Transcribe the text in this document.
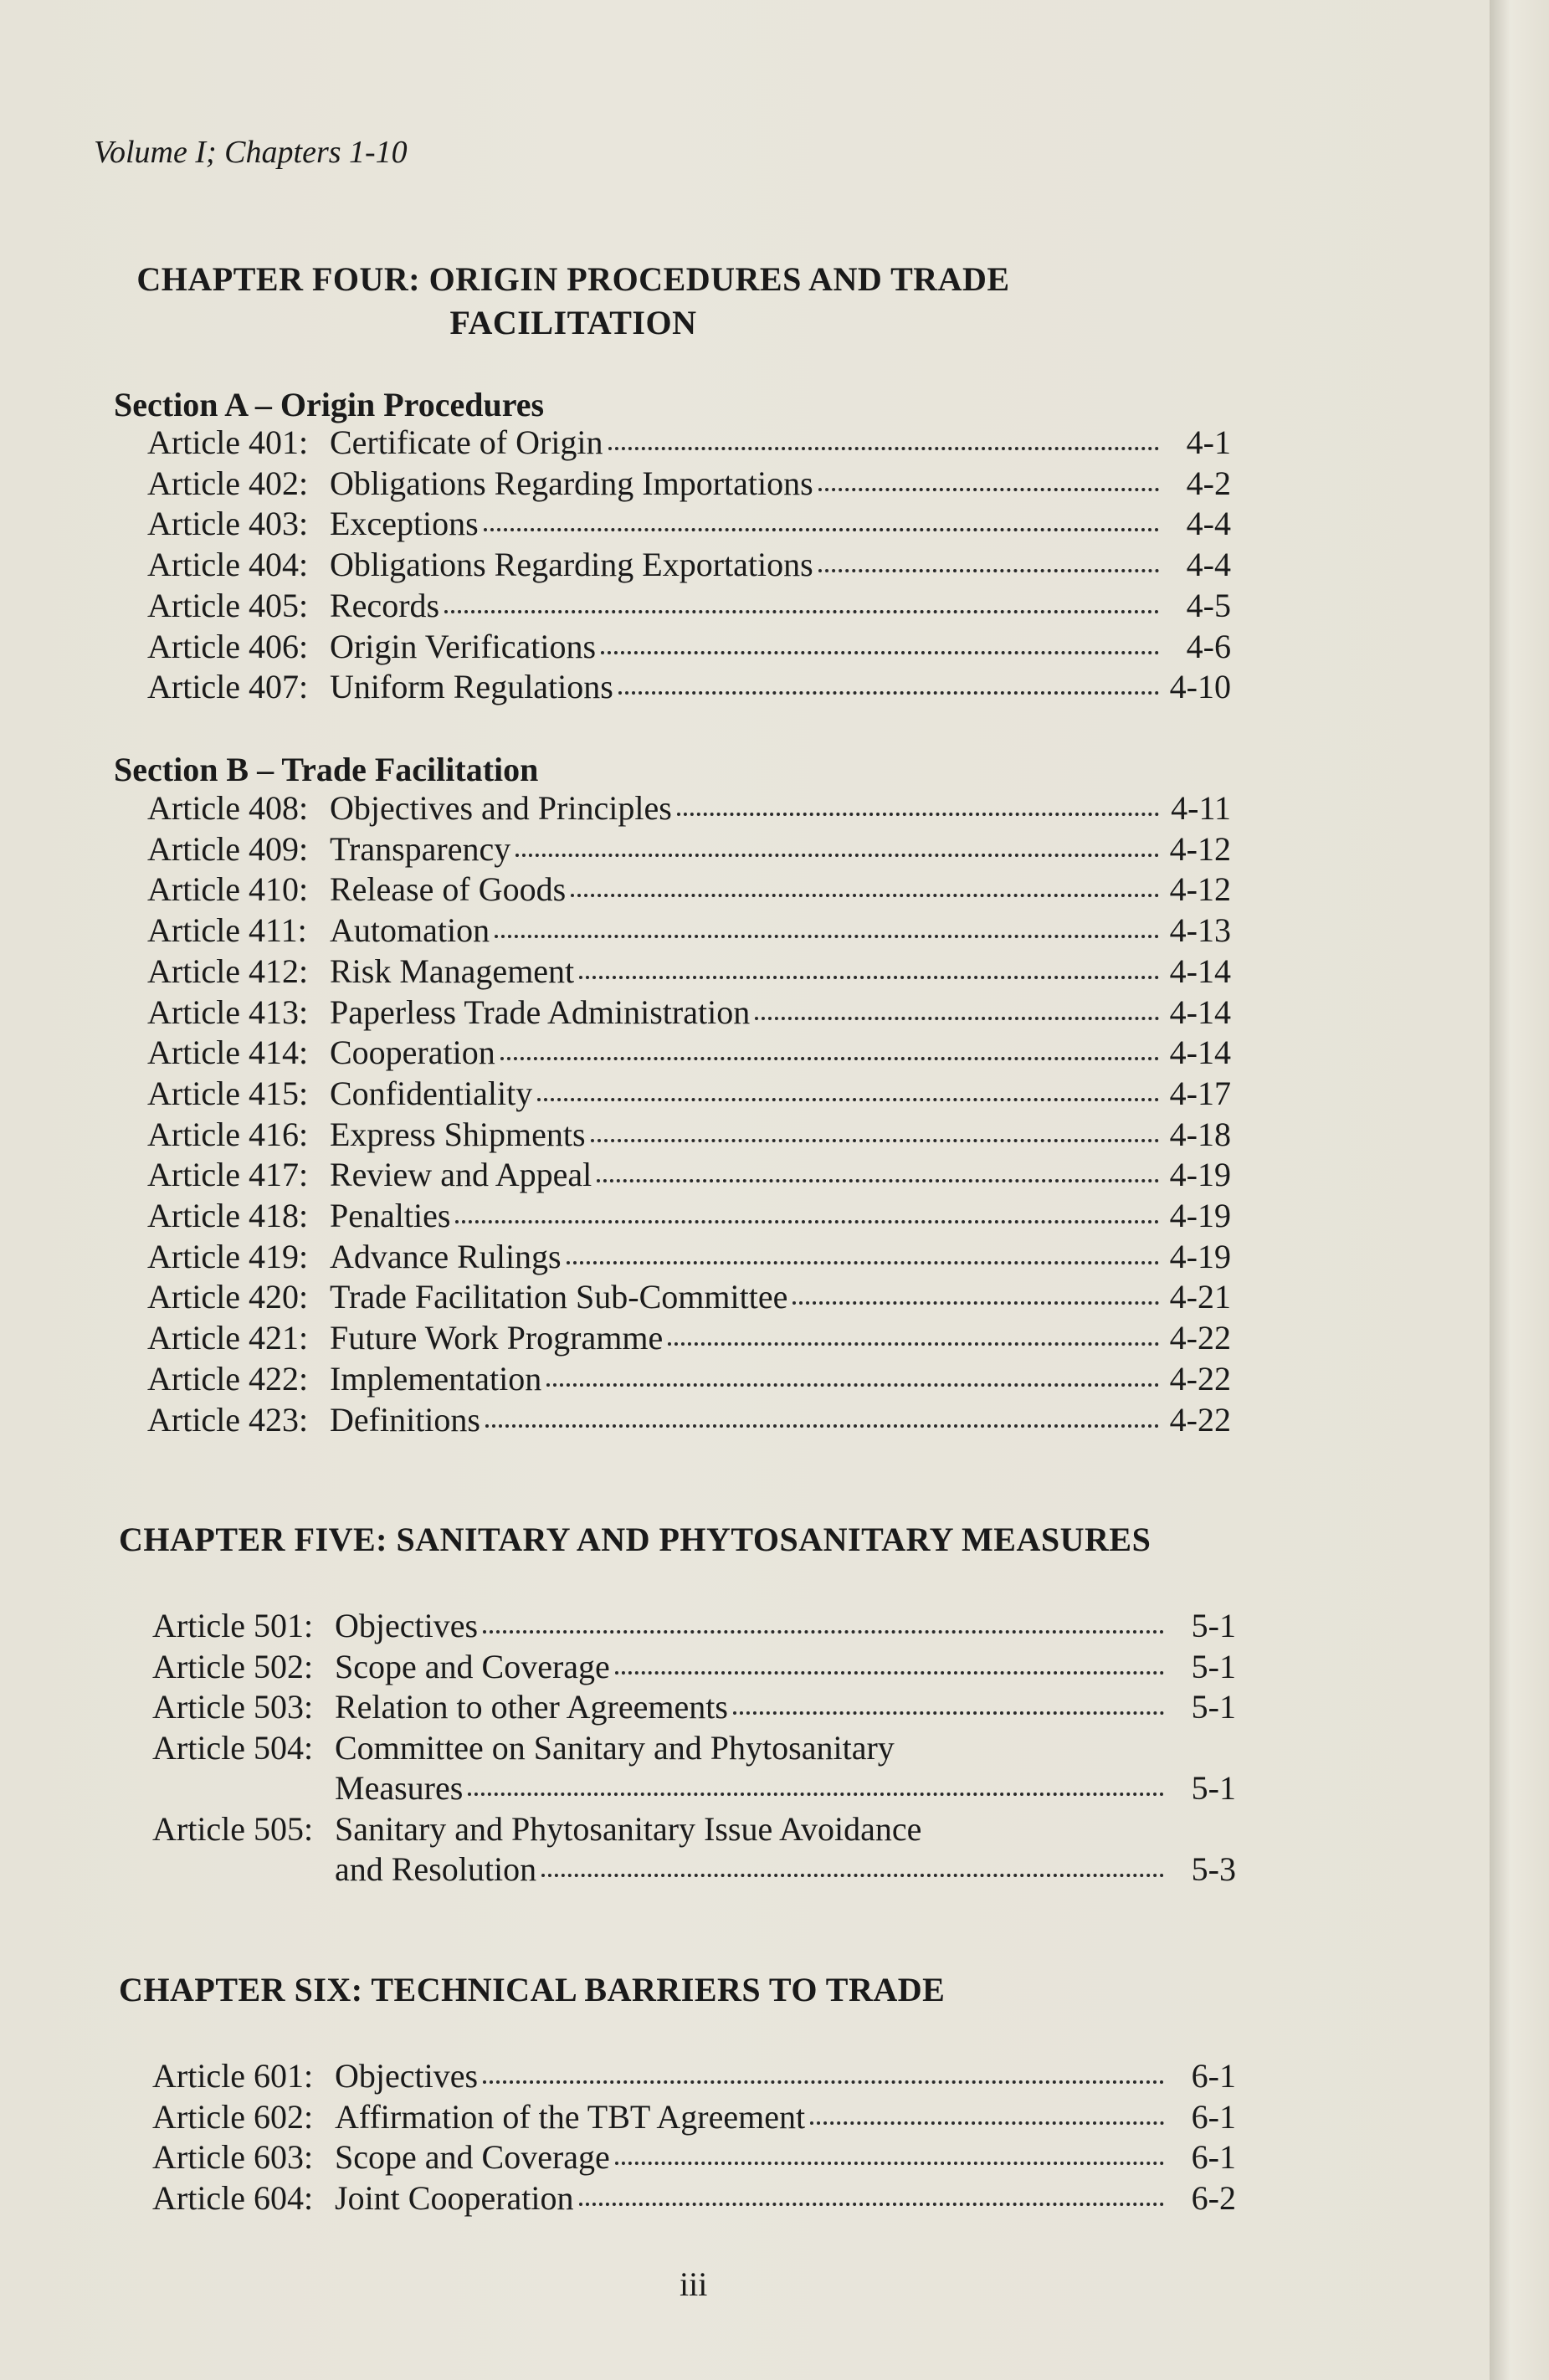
Volume I; Chapters 1-10
CHAPTER FOUR: ORIGIN PROCEDURES AND TRADE
FACILITATION
Section A – Origin Procedures
Article 401: Certificate of Origin	4-1
Article 402: Obligations Regarding Importations	4-2
Article 403: Exceptions	4-4
Article 404: Obligations Regarding Exportations	4-4
Article 405: Records	4-5
Article 406: Origin Verifications	4-6
Article 407: Uniform Regulations	4-10
Section B – Trade Facilitation
Article 408: Objectives and Principles	4-11
Article 409: Transparency	4-12
Article 410: Release of Goods	4-12
Article 411: Automation	4-13
Article 412: Risk Management	4-14
Article 413: Paperless Trade Administration	4-14
Article 414: Cooperation	4-14
Article 415: Confidentiality	4-17
Article 416: Express Shipments	4-18
Article 417: Review and Appeal	4-19
Article 418: Penalties	4-19
Article 419: Advance Rulings	4-19
Article 420: Trade Facilitation Sub-Committee	4-21
Article 421: Future Work Programme	4-22
Article 422: Implementation	4-22
Article 423: Definitions	4-22
CHAPTER FIVE: SANITARY AND PHYTOSANITARY MEASURES
Article 501: Objectives	5-1
Article 502: Scope and Coverage	5-1
Article 503: Relation to other Agreements	5-1
Article 504: Committee on Sanitary and Phytosanitary
Measures	5-1
Article 505: Sanitary and Phytosanitary Issue Avoidance
and Resolution	5-3
CHAPTER SIX: TECHNICAL BARRIERS TO TRADE
Article 601: Objectives	6-1
Article 602: Affirmation of the TBT Agreement	6-1
Article 603: Scope and Coverage	6-1
Article 604: Joint Cooperation	6-2
iii
